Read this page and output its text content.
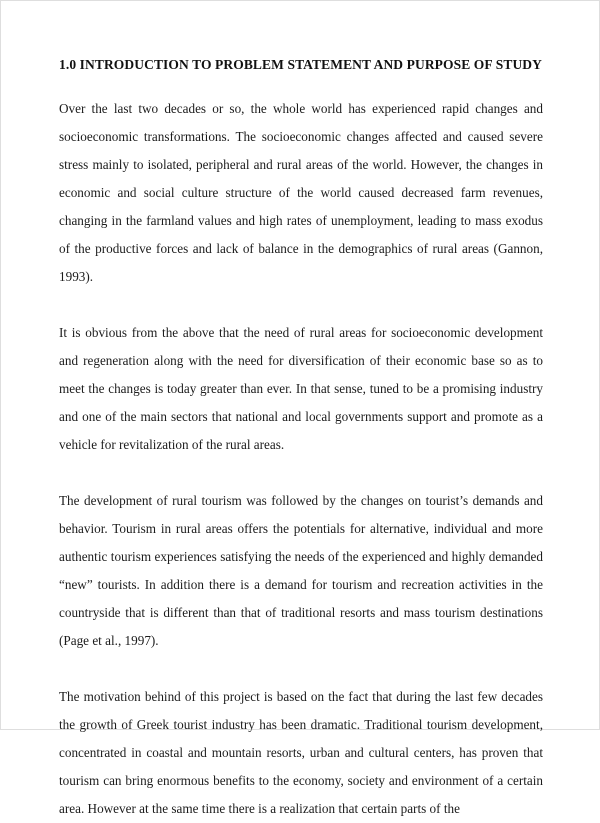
1.0 INTRODUCTION TO PROBLEM STATEMENT AND PURPOSE OF STUDY

Over the last two decades or so, the whole world has experienced rapid changes and socioeconomic transformations. The socioeconomic changes affected and caused severe stress mainly to isolated, peripheral and rural areas of the world. However, the changes in economic and social culture structure of the world caused decreased farm revenues, changing in the farmland values and high rates of unemployment, leading to mass exodus of the productive forces and lack of balance in the demographics of rural areas (Gannon, 1993).

It is obvious from the above that the need of rural areas for socioeconomic development and regeneration along with the need for diversification of their economic base so as to meet the changes is today greater than ever. In that sense, tuned to be a promising industry and one of the main sectors that national and local governments support and promote as a vehicle for revitalization of the rural areas.

The development of rural tourism was followed by the changes on tourist’s demands and behavior. Tourism in rural areas offers the potentials for alternative, individual and more authentic tourism experiences satisfying the needs of the experienced and highly demanded “new” tourists. In addition there is a demand for tourism and recreation activities in the countryside that is different than that of traditional resorts and mass tourism destinations (Page et al., 1997).

The motivation behind of this project is based on the fact that during the last few decades the growth of Greek tourist industry has been dramatic. Traditional tourism development, concentrated in coastal and mountain resorts, urban and cultural centers, has proven that tourism can bring enormous benefits to the economy, society and environment of a certain area. However at the same time there is a realization that certain parts of the
